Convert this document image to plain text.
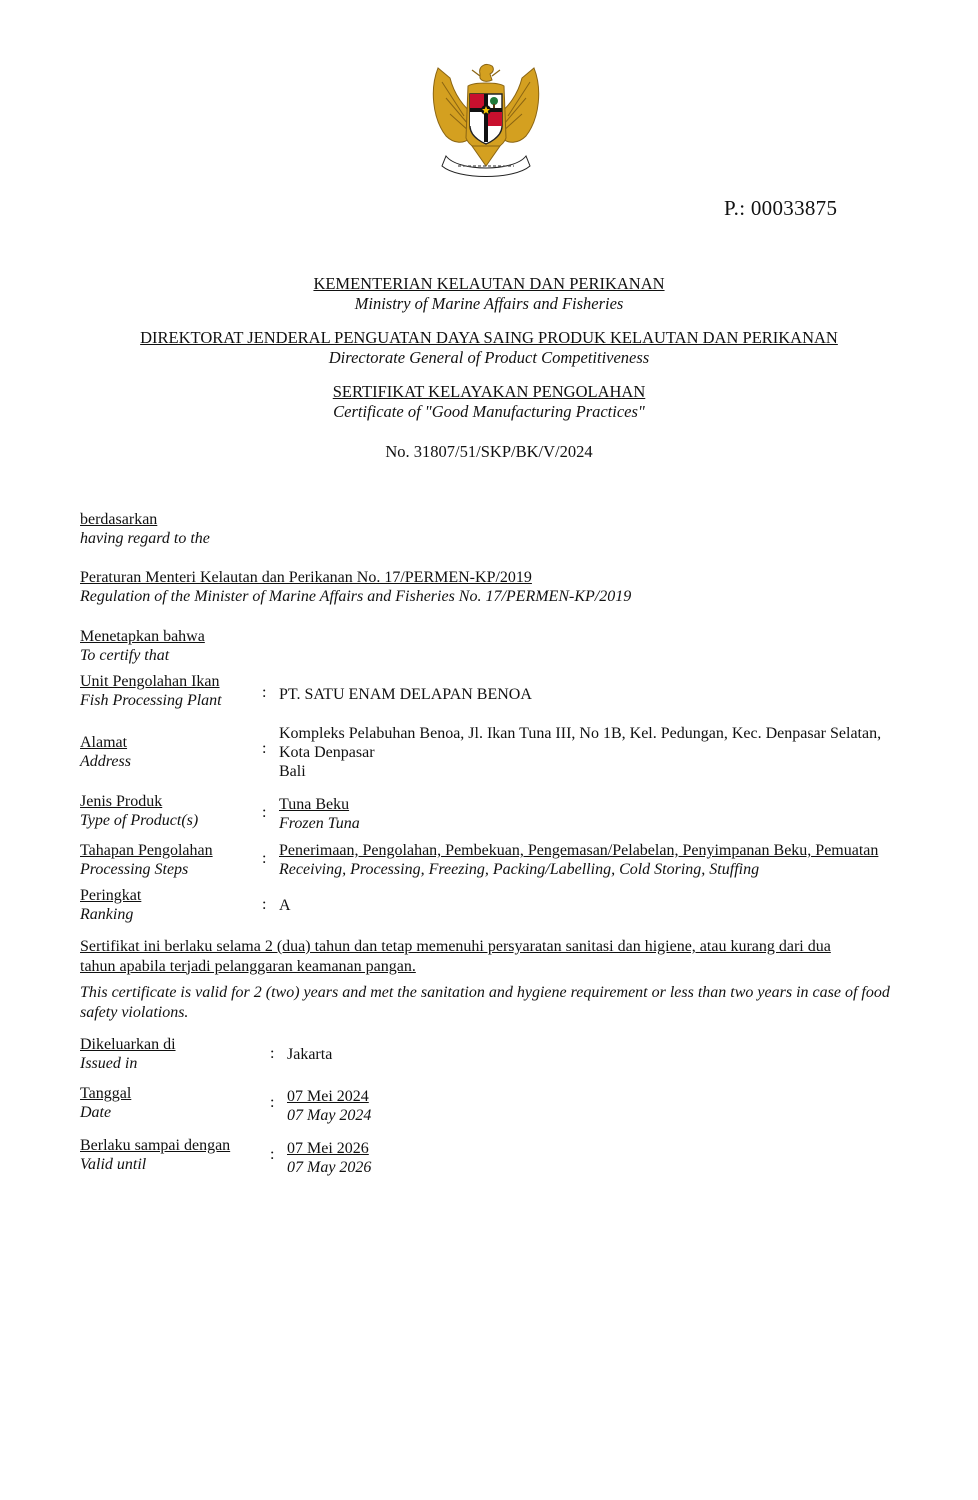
P.: 00033875
KEMENTERIAN KELAUTAN DAN PERIKANAN
Ministry of Marine Affairs and Fisheries
DIREKTORAT JENDERAL PENGUATAN DAYA SAING PRODUK KELAUTAN DAN PERIKANAN
Directorate General of Product Competitiveness
SERTIFIKAT KELAYAKAN PENGOLAHAN
Certificate of "Good Manufacturing Practices"
No. 31807/51/SKP/BK/V/2024
berdasarkan
having regard to the
Peraturan Menteri Kelautan dan Perikanan No. 17/PERMEN-KP/2019
Regulation of the Minister of Marine Affairs and Fisheries No. 17/PERMEN-KP/2019
Menetapkan bahwa
To certify that
Unit Pengolahan Ikan
Fish Processing Plant	: PT. SATU ENAM DELAPAN BENOA
Alamat
Address
:
Kompleks Pelabuhan Benoa, Jl. Ikan Tuna III, No 1B, Kel. Pedungan, Kec. Denpasar Selatan,
Kota Denpasar
Bali
Jenis Produk
Type of Product(s)	: Tuna Beku
Frozen Tuna
Tahapan Pengolahan
Processing Steps
: Penerimaan, Pengolahan, Pembekuan, Pengemasan/Pelabelan, Penyimpanan Beku, Pemuatan
Receiving, Processing, Freezing, Packing/Labelling, Cold Storing, Stuffing
Peringkat
Ranking
: A
Sertifikat ini berlaku selama 2 (dua) tahun dan tetap memenuhi persyaratan sanitasi dan higiene, atau kurang dari dua tahun apabila terjadi pelanggaran keamanan pangan.
This certificate is valid for 2 (two) years and met the sanitation and hygiene requirement or less than two years in case of food safety violations.
Dikeluarkan di
Issued in
: Jakarta
Tanggal
Date
: 07 Mei 2024
07 May 2024
Berlaku sampai dengan
Valid until
: 07 Mei 2026
07 May 2026
